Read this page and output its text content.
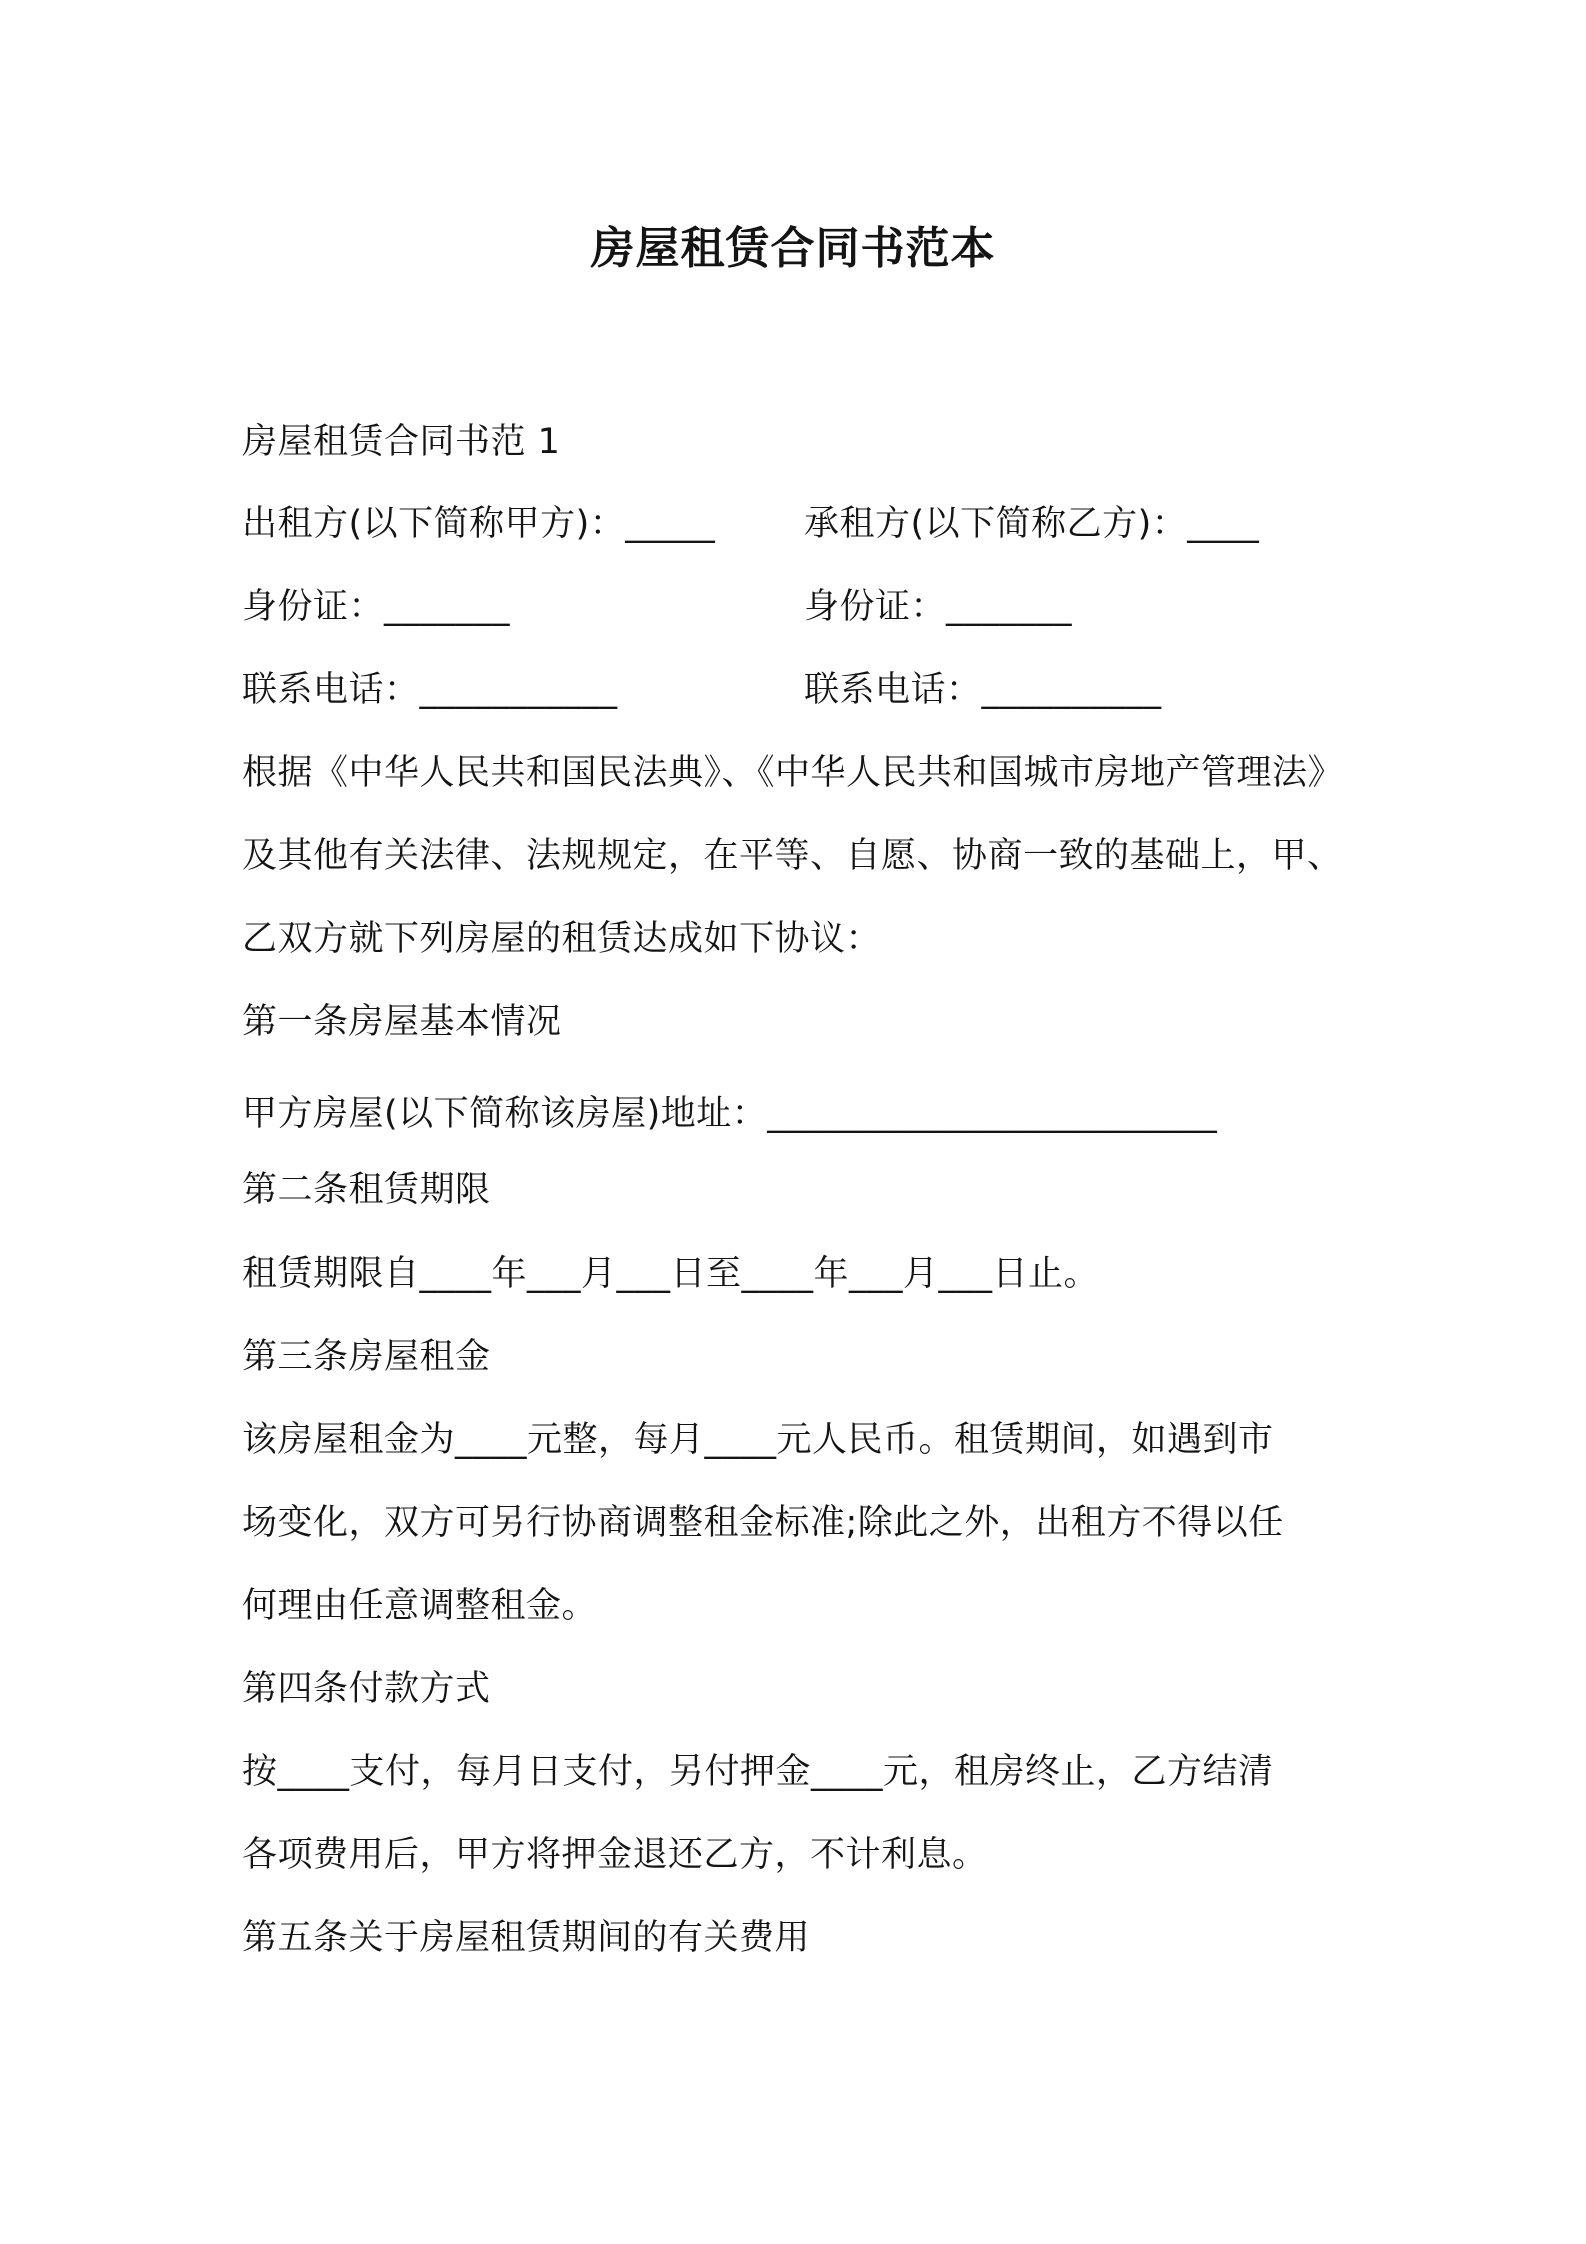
房屋租赁合同书范本
房屋租赁合同书范 1
出租方(以下简称甲方)：_____	承租方(以下简称乙方)：____
身份证：_______	身份证：_______
联系电话：___________	联系电话：__________
根据《中华人民共和国民法典》、《中华人民共和国城市房地产管理法》
及其他有关法律、法规规定，在平等、自愿、协商一致的基础上，甲、
乙双方就下列房屋的租赁达成如下协议：
第一条房屋基本情况
甲方房屋(以下简称该房屋)地址：_________________________
第二条租赁期限
租赁期限自____年___月___日至____年___月___日止。
第三条房屋租金
该房屋租金为____元整，每月____元人民币。租赁期间，如遇到市
场变化，双方可另行协商调整租金标准;除此之外，出租方不得以任
何理由任意调整租金。
第四条付款方式
按____支付，每月日支付，另付押金____元，租房终止，乙方结清
各项费用后，甲方将押金退还乙方，不计利息。
第五条关于房屋租赁期间的有关费用
